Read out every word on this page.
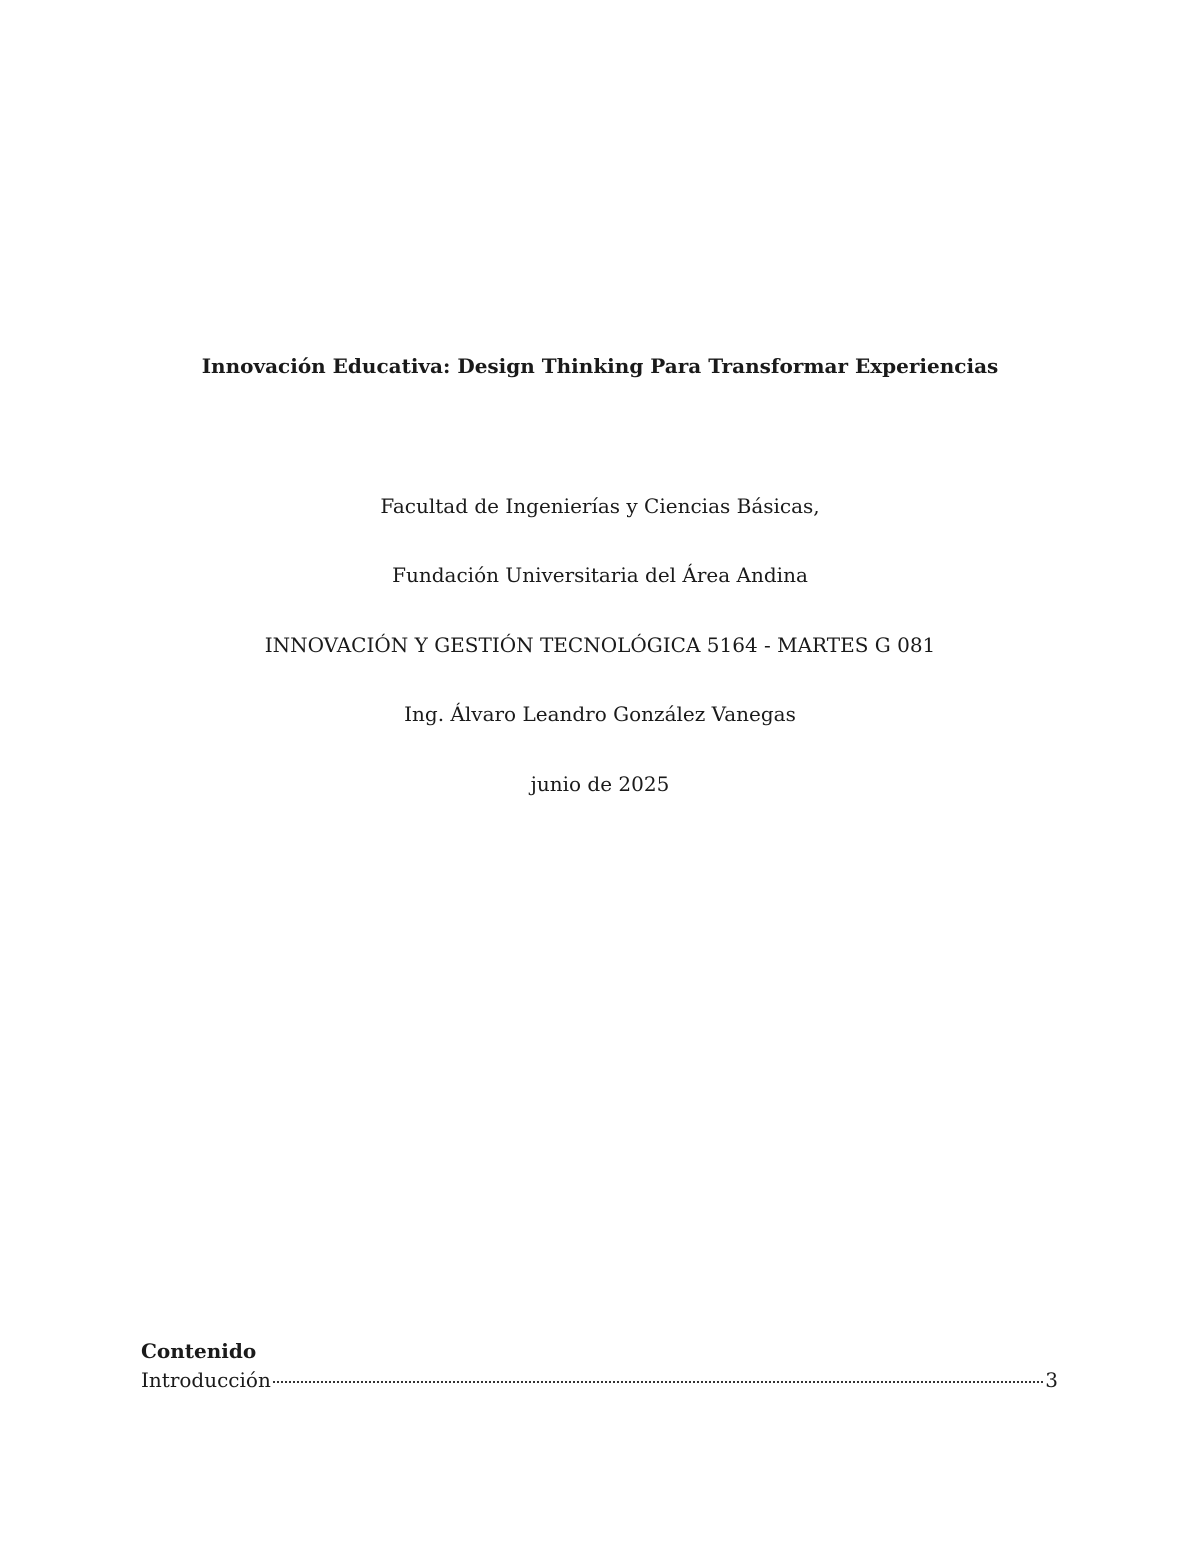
Innovación Educativa: Design Thinking Para Transformar Experiencias
Facultad de Ingenierías y Ciencias Básicas,
Fundación Universitaria del Área Andina
INNOVACIÓN Y GESTIÓN TECNOLÓGICA 5164 - MARTES G 081
Ing. Álvaro Leandro González Vanegas
junio de 2025
Contenido
Introducción	3
